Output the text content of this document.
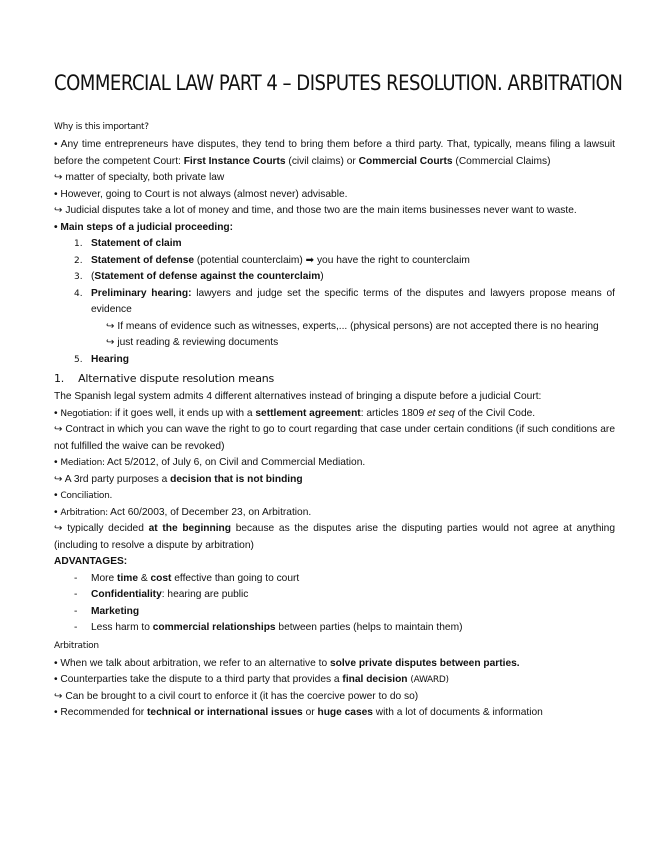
COMMERCIAL LAW PART 4 – DISPUTES RESOLUTION. ARBITRATION
Why is this important?

• Any time entrepreneurs have disputes, they tend to bring them before a third party. That, typically, means filing a lawsuit before the competent Court: First Instance Courts (civil claims) or Commercial Courts (Commercial Claims)

↪ matter of specialty, both private law

• However, going to Court is not always (almost never) advisable.

↪ Judicial disputes take a lot of money and time, and those two are the main items businesses never want to waste.

• Main steps of a judicial proceeding:

1. Statement of claim
2. Statement of defense (potential counterclaim) ➡ you have the right to counterclaim
3. (Statement of defense against the counterclaim)
4. Preliminary hearing: lawyers and judge set the specific terms of the disputes and lawyers propose means of evidence
↪ If means of evidence such as witnesses, experts,... (physical persons) are not accepted there is no hearing
↪ just reading & reviewing documents
5. Hearing
1. Alternative dispute resolution means

The Spanish legal system admits 4 different alternatives instead of bringing a dispute before a judicial Court:

• Negotiation: if it goes well, it ends up with a settlement agreement: articles 1809 et seq of the Civil Code.

↪ Contract in which you can wave the right to go to court regarding that case under certain conditions (if such conditions are not fulfilled the waive can be revoked)

• Mediation: Act 5/2012, of July 6, on Civil and Commercial Mediation.

↪ A 3rd party purposes a decision that is not binding

• Conciliation.

• Arbitration: Act 60/2003, of December 23, on Arbitration.

↪ typically decided at the beginning because as the disputes arise the disputing parties would not agree at anything (including to resolve a dispute by arbitration)

ADVANTAGES:

- More time & cost effective than going to court
- Confidentiality: hearing are public
- Marketing
- Less harm to commercial relationships between parties (helps to maintain them)
Arbitration

• When we talk about arbitration, we refer to an alternative to solve private disputes between parties.

• Counterparties take the dispute to a third party that provides a final decision (AWARD)

↪ Can be brought to a civil court to enforce it (it has the coercive power to do so)

• Recommended for technical or international issues or huge cases with a lot of documents & information
